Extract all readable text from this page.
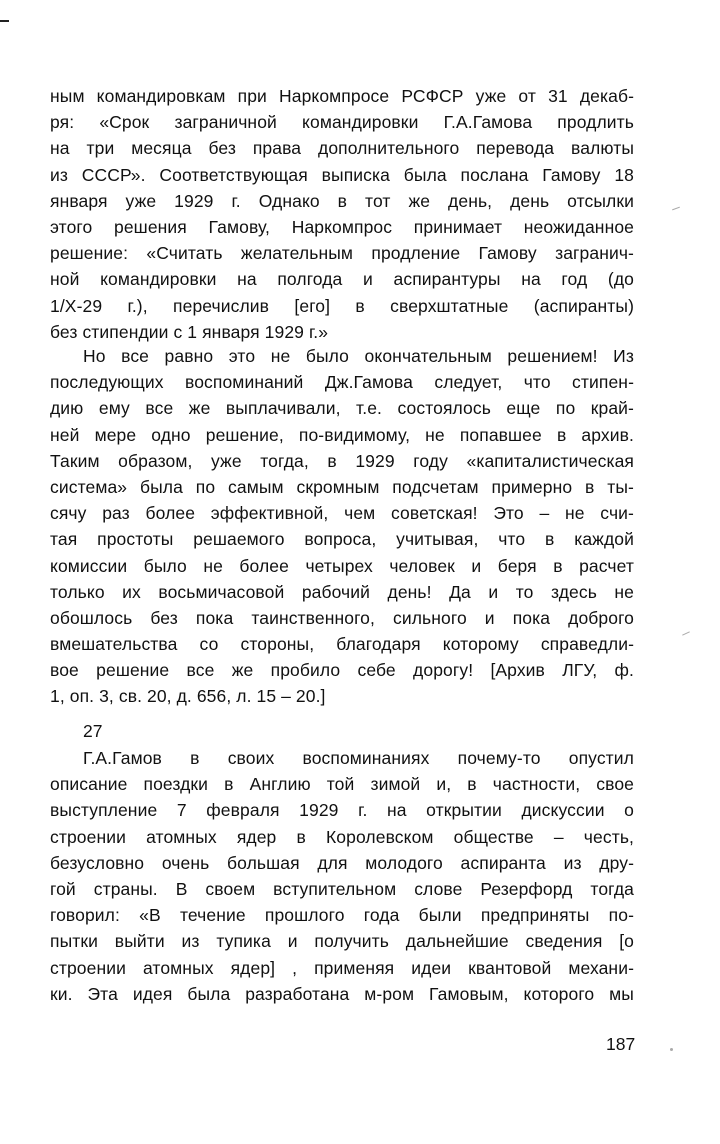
ным командировкам при Наркомпросе РСФСР уже от 31 декаб-
ря: «Срок заграничной командировки Г.А.Гамова продлить
на три месяца без права дополнительного перевода валюты
из СССР». Соответствующая выписка была послана Гамову 18
января уже 1929 г. Однако в тот же день, день отсылки
этого решения Гамову, Наркомпрос принимает неожиданное
решение: «Считать желательным продление Гамову загранич-
ной командировки на полгода и аспирантуры на год (до
1/X-29 г.), перечислив [его] в сверхштатные (аспиранты)
без стипендии с 1 января 1929 г.»
Но все равно это не было окончательным решением! Из
последующих воспоминаний Дж.Гамова следует, что стипен-
дию ему все же выплачивали, т.е. состоялось еще по край-
ней мере одно решение, по-видимому, не попавшее в архив.
Таким образом, уже тогда, в 1929 году «капиталистическая
система» была по самым скромным подсчетам примерно в ты-
сячу раз более эффективной, чем советская! Это – не счи-
тая простоты решаемого вопроса, учитывая, что в каждой
комиссии было не более четырех человек и беря в расчет
только их восьмичасовой рабочий день! Да и то здесь не
обошлось без пока таинственного, сильного и пока доброго
вмешательства со стороны, благодаря которому справедли-
вое решение все же пробило себе дорогу! [Архив ЛГУ, ф.
1, оп. 3, св. 20, д. 656, л. 15 – 20.]
27
Г.А.Гамов в своих воспоминаниях почему-то опустил
описание поездки в Англию той зимой и, в частности, свое
выступление 7 февраля 1929 г. на открытии дискуссии о
строении атомных ядер в Королевском обществе – честь,
безусловно очень большая для молодого аспиранта из дру-
гой страны. В своем вступительном слове Резерфорд тогда
говорил: «В течение прошлого года были предприняты по-
пытки выйти из тупика и получить дальнейшие сведения [о
строении атомных ядер] , применяя идеи квантовой механи-
ки. Эта идея была разработана м-ром Гамовым, которого мы
187
